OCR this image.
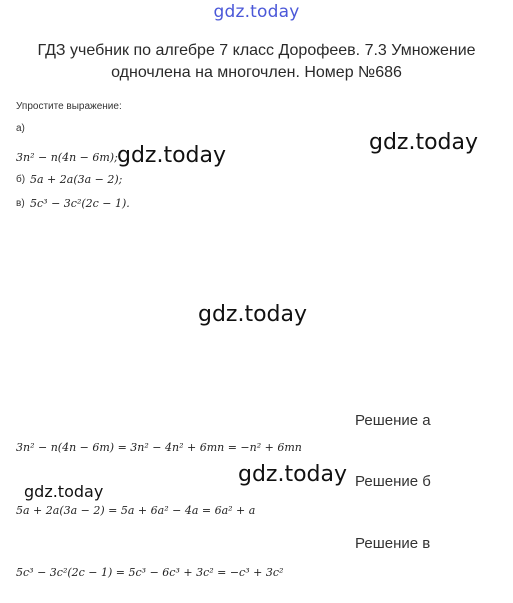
gdz.today
ГДЗ учебник по алгебре 7 класс Дорофеев. 7.3 Умножение одночлена на многочлен. Номер №686
Упростите выражение:
а)
3n² − n(4n − 6m);
б) 5a + 2a(3a − 2);
в) 5c³ − 3c²(2c − 1).
gdz.today
gdz.today
gdz.today
Решение а
3n² − n(4n − 6m) = 3n² − 4n² + 6mn = −n² + 6mn
gdz.today Решение б
gdz.today
5a + 2a(3a − 2) = 5a + 6a² − 4a = 6a² + a
Решение в
5c³ − 3c²(2c − 1) = 5c³ − 6c³ + 3c² = −c³ + 3c²
